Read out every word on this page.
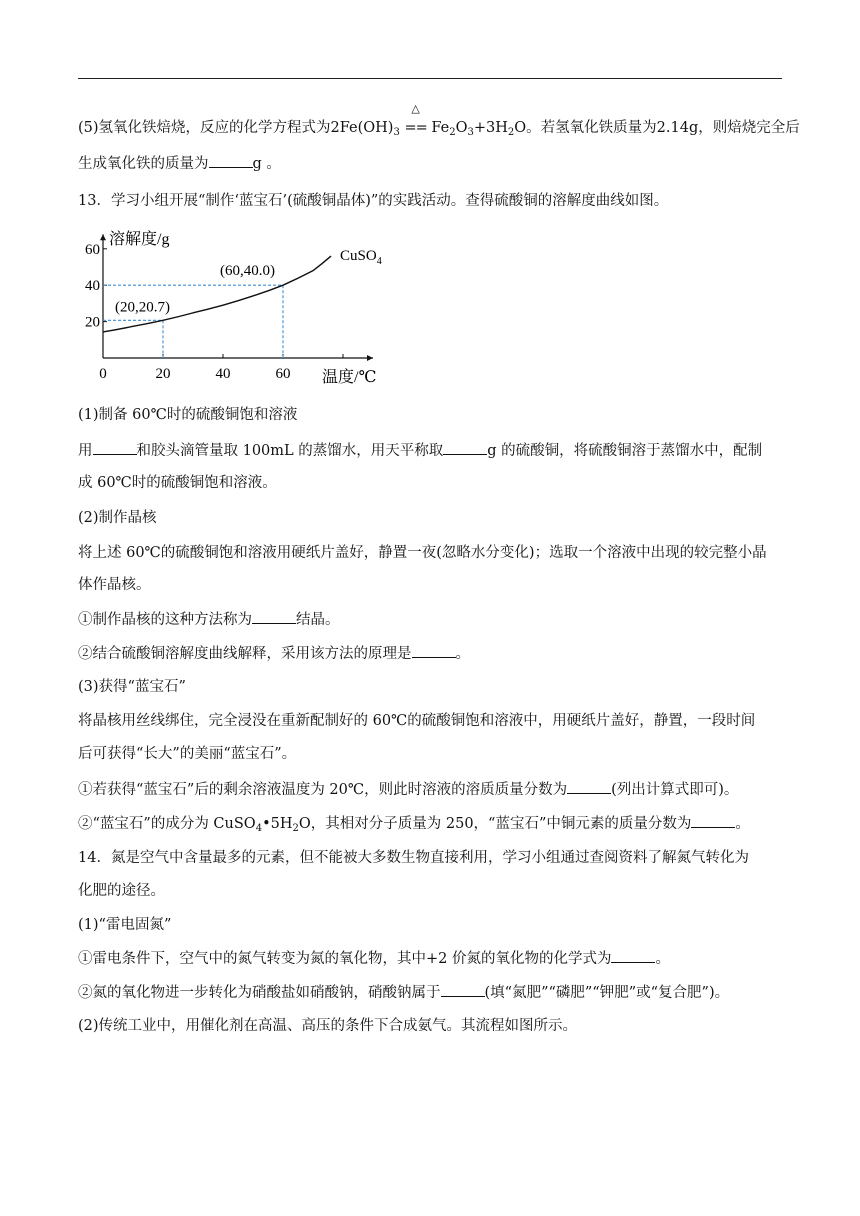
(5)氢氧化铁焙烧，反应的化学方程式为$2Fe(OH)_3$
△
== $Fe_2O_3+3H_2O$。若氢氧化铁质量为2.14g，则焙烧完全后
生成氧化铁的质量为	g 。
13．学习小组开展“制作‘蓝宝石’(硫酸铜晶体)”的实践活动。查得硫酸铜的溶解度曲线如图。
0	20	40	60
20
40
60
溶解度/g
温度/℃
CuSO$_4$
(20,20.7)
(60,40.0)
(1)制备 60℃时的硫酸铜饱和溶液
用	和胶头滴管量取 100mL 的蒸馏水，用天平称取	g 的硫酸铜，将硫酸铜溶于蒸馏水中，配制
成 60℃时的硫酸铜饱和溶液。
(2)制作晶核
将上述 60℃的硫酸铜饱和溶液用硬纸片盖好，静置一夜(忽略水分变化)；选取一个溶液中出现的较完整小晶
体作晶核。
①制作晶核的这种方法称为	结晶。
②结合硫酸铜溶解度曲线解释，采用该方法的原理是	。
(3)获得“蓝宝石”
将晶核用丝线绑住，完全浸没在重新配制好的 60℃的硫酸铜饱和溶液中，用硬纸片盖好，静置，一段时间
后可获得“长大”的美丽“蓝宝石”。
①若获得“蓝宝石”后的剩余溶液温度为 20℃，则此时溶液的溶质质量分数为	(列出计算式即可)。
②“蓝宝石”的成分为 $CuSO_4•5H_2O$，其相对分子质量为 250，“蓝宝石”中铜元素的质量分数为	。
14．氮是空气中含量最多的元素，但不能被大多数生物直接利用，学习小组通过查阅资料了解氮气转化为
化肥的途径。
(1)“雷电固氮”
①雷电条件下，空气中的氮气转变为氮的氧化物，其中+2 价氮的氧化物的化学式为	。
②氮的氧化物进一步转化为硝酸盐如硝酸钠，硝酸钠属于	(填“氮肥”“磷肥”“钾肥”或“复合肥”)。
(2)传统工业中，用催化剂在高温、高压的条件下合成氨气。其流程如图所示。
